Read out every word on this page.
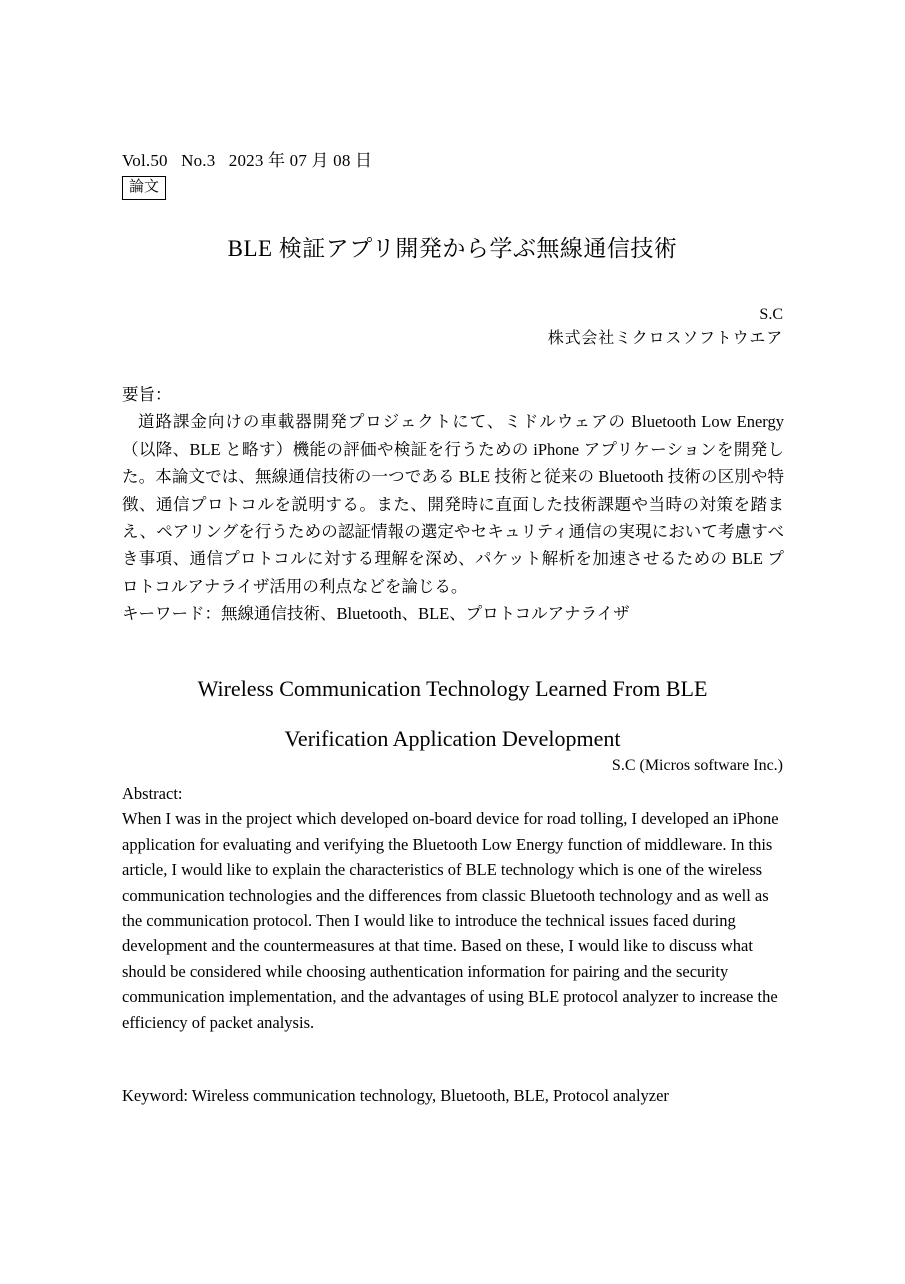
Vol.50   No.3   2023 年 07 月 08 日
論文
BLE 検証アプリ開発から学ぶ無線通信技術
S.C
株式会社ミクロスソフトウエア
要旨：
道路課金向けの車載器開発プロジェクトにて、ミドルウェアの Bluetooth Low Energy（以降、BLE と略す）機能の評価や検証を行うための iPhone アプリケーションを開発した。本論文では、無線通信技術の一つである BLE 技術と従来の Bluetooth 技術の区別や特徴、通信プロトコルを説明する。また、開発時に直面した技術課題や当時の対策を踏まえ、ペアリングを行うための認証情報の選定やセキュリティ通信の実現において考慮すべき事項、通信プロトコルに対する理解を深め、パケット解析を加速させるための BLE プロトコルアナライザ活用の利点などを論じる。
キーワード：無線通信技術、Bluetooth、BLE、プロトコルアナライザ
Wireless Communication Technology Learned From BLE
Verification Application Development
S.C (Micros software Inc.)
Abstract:
When I was in the project which developed on-board device for road tolling, I developed an iPhone application for evaluating and verifying the Bluetooth Low Energy function of middleware. In this article, I would like to explain the characteristics of BLE technology which is one of the wireless communication technologies and the differences from classic Bluetooth technology and as well as the communication protocol. Then I would like to introduce the technical issues faced during development and the countermeasures at that time. Based on these, I would like to discuss what should be considered while choosing authentication information for pairing and the security communication implementation, and the advantages of using BLE protocol analyzer to increase the efficiency of packet analysis.
Keyword: Wireless communication technology, Bluetooth, BLE, Protocol analyzer
